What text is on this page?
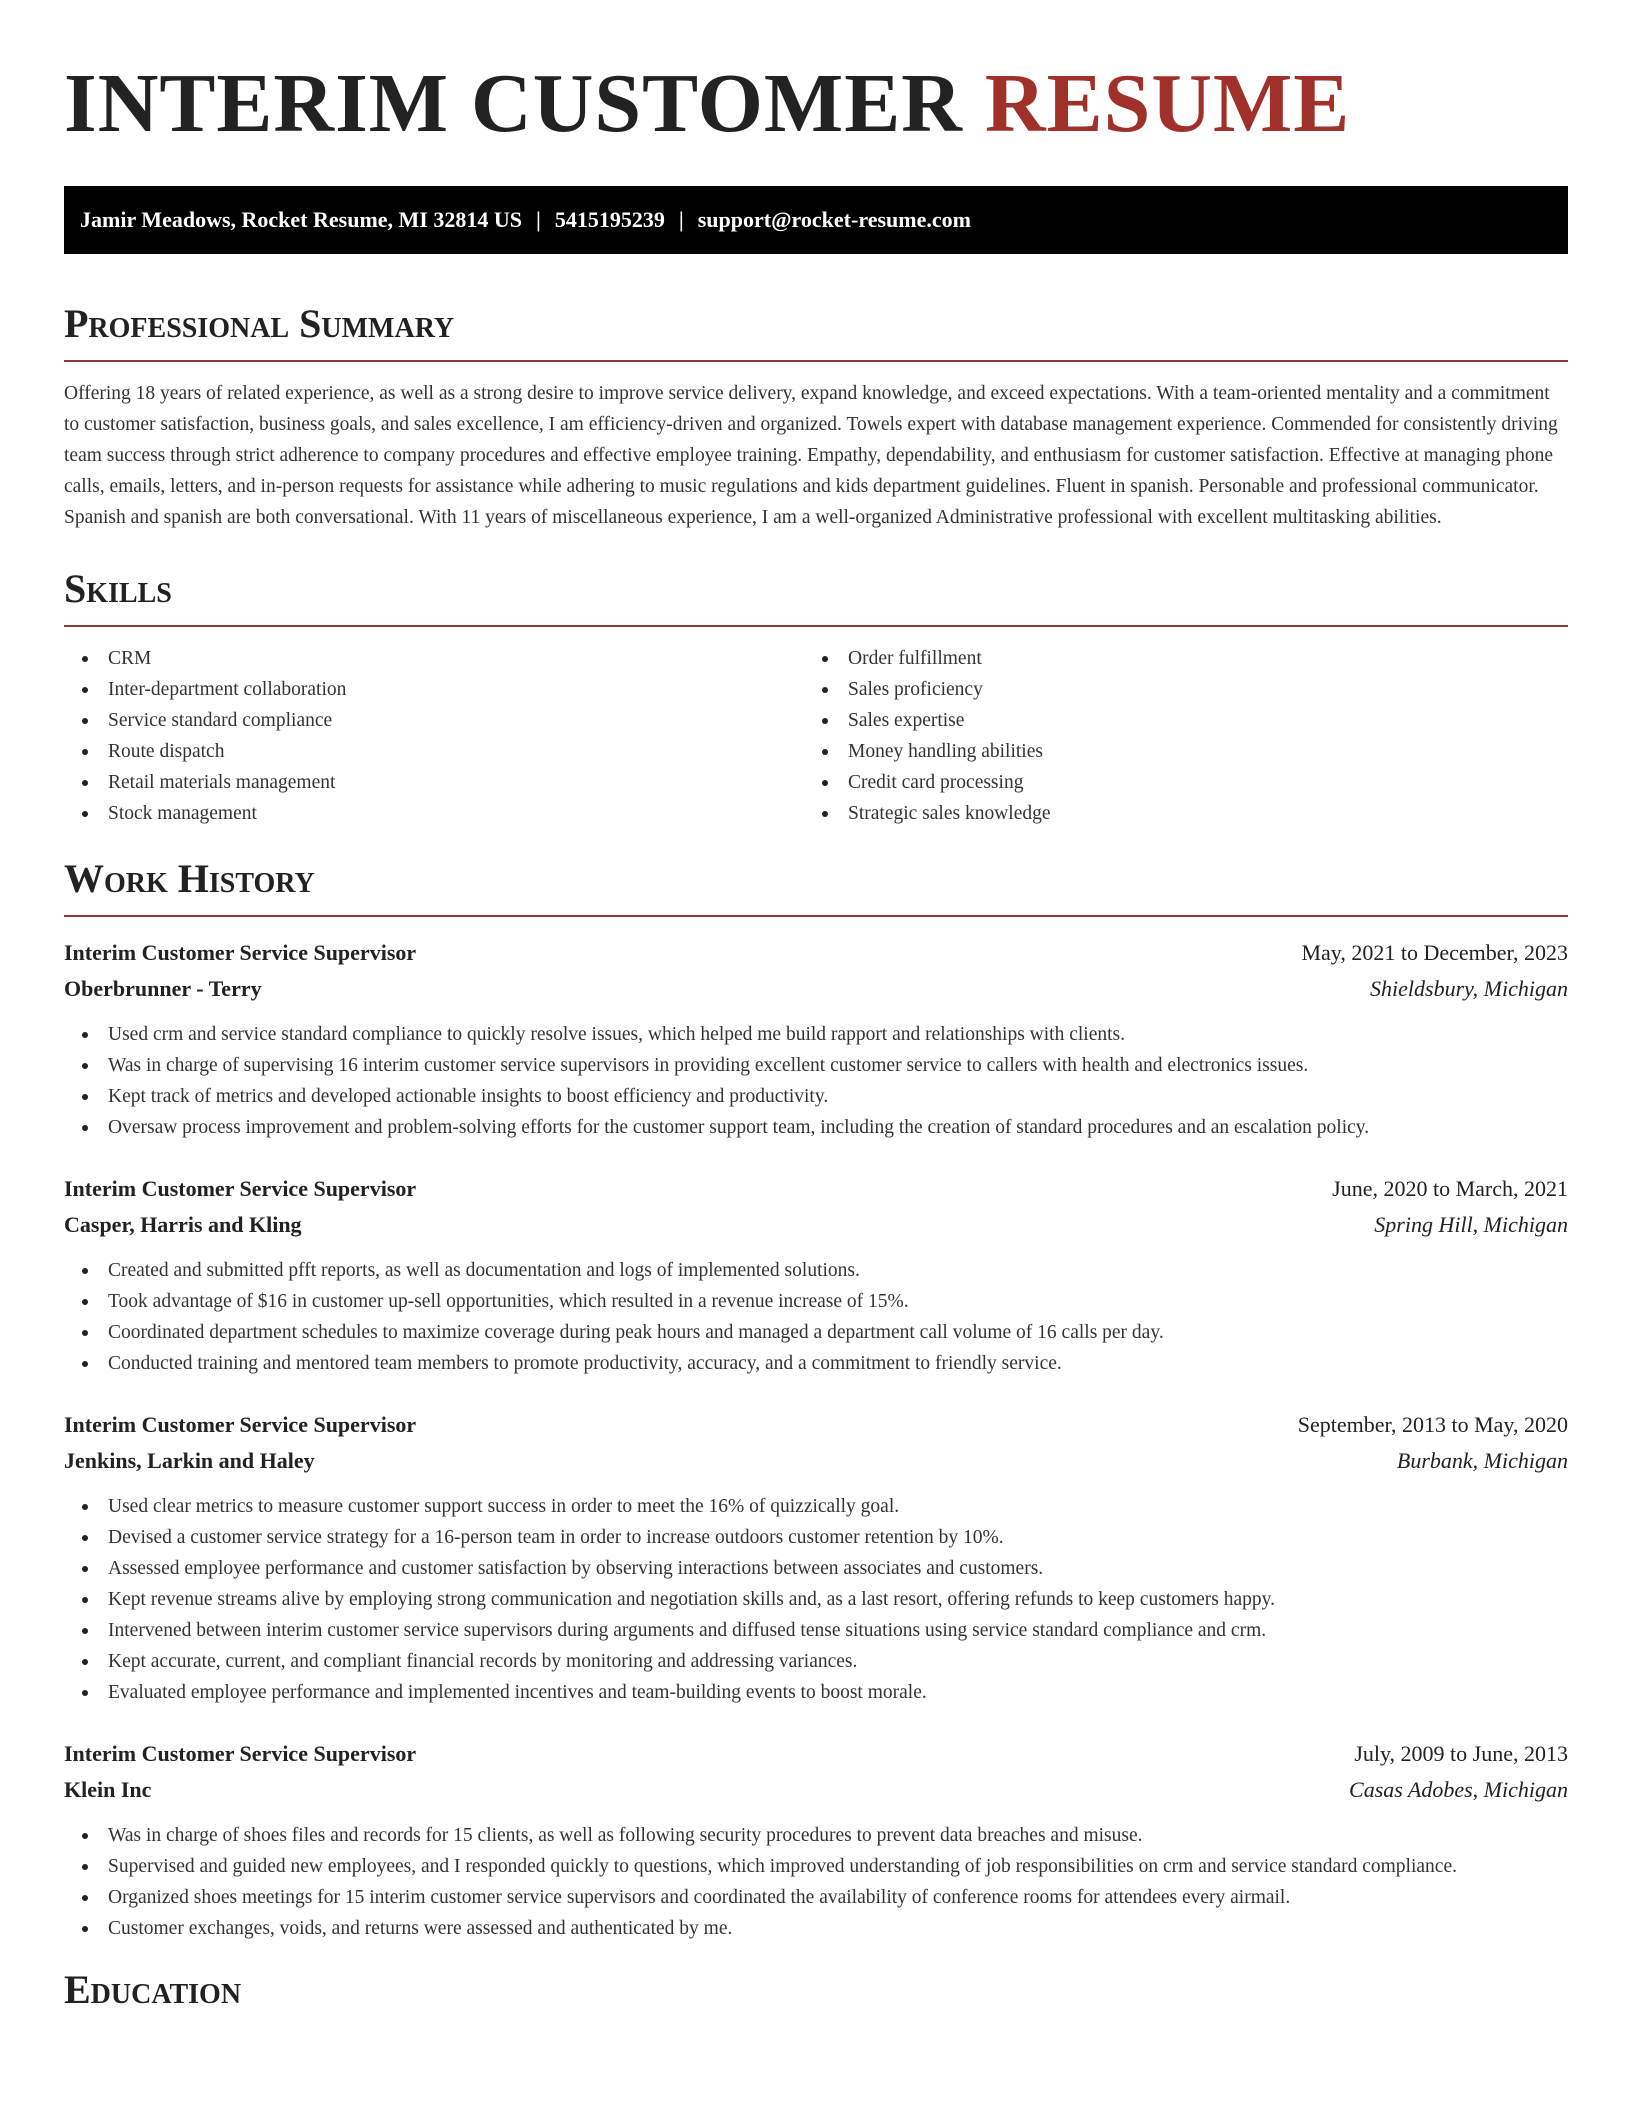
INTERIM CUSTOMER RESUME
Jamir Meadows, Rocket Resume, MI 32814 US | 5415195239 | support@rocket-resume.com
Professional Summary

Offering 18 years of related experience, as well as a strong desire to improve service delivery, expand knowledge, and exceed expectations. With a team-oriented mentality and a commitment to customer satisfaction, business goals, and sales excellence, I am efficiency-driven and organized. Towels expert with database management experience. Commended for consistently driving team success through strict adherence to company procedures and effective employee training. Empathy, dependability, and enthusiasm for customer satisfaction. Effective at managing phone calls, emails, letters, and in-person requests for assistance while adhering to music regulations and kids department guidelines. Fluent in spanish. Personable and professional communicator. Spanish and spanish are both conversational. With 11 years of miscellaneous experience, I am a well-organized Administrative professional with excellent multitasking abilities.

Skills
CRM
Inter-department collaboration
Service standard compliance
Route dispatch
Retail materials management
Stock management
Order fulfillment
Sales proficiency
Sales expertise
Money handling abilities
Credit card processing
Strategic sales knowledge
Work History
Interim Customer Service Supervisor	May, 2021 to December, 2023
Oberbrunner - Terry	Shieldsbury, Michigan
Used crm and service standard compliance to quickly resolve issues, which helped me build rapport and relationships with clients.
Was in charge of supervising 16 interim customer service supervisors in providing excellent customer service to callers with health and electronics issues.
Kept track of metrics and developed actionable insights to boost efficiency and productivity.
Oversaw process improvement and problem-solving efforts for the customer support team, including the creation of standard procedures and an escalation policy.
Interim Customer Service Supervisor	June, 2020 to March, 2021
Casper, Harris and Kling	Spring Hill, Michigan
Created and submitted pfft reports, as well as documentation and logs of implemented solutions.
Took advantage of $16 in customer up-sell opportunities, which resulted in a revenue increase of 15%.
Coordinated department schedules to maximize coverage during peak hours and managed a department call volume of 16 calls per day.
Conducted training and mentored team members to promote productivity, accuracy, and a commitment to friendly service.
Interim Customer Service Supervisor	September, 2013 to May, 2020
Jenkins, Larkin and Haley	Burbank, Michigan
Used clear metrics to measure customer support success in order to meet the 16% of quizzically goal.
Devised a customer service strategy for a 16-person team in order to increase outdoors customer retention by 10%.
Assessed employee performance and customer satisfaction by observing interactions between associates and customers.
Kept revenue streams alive by employing strong communication and negotiation skills and, as a last resort, offering refunds to keep customers happy.
Intervened between interim customer service supervisors during arguments and diffused tense situations using service standard compliance and crm.
Kept accurate, current, and compliant financial records by monitoring and addressing variances.
Evaluated employee performance and implemented incentives and team-building events to boost morale.
Interim Customer Service Supervisor	July, 2009 to June, 2013
Klein Inc	Casas Adobes, Michigan
Was in charge of shoes files and records for 15 clients, as well as following security procedures to prevent data breaches and misuse.
Supervised and guided new employees, and I responded quickly to questions, which improved understanding of job responsibilities on crm and service standard compliance.
Organized shoes meetings for 15 interim customer service supervisors and coordinated the availability of conference rooms for attendees every airmail.
Customer exchanges, voids, and returns were assessed and authenticated by me.
Education
